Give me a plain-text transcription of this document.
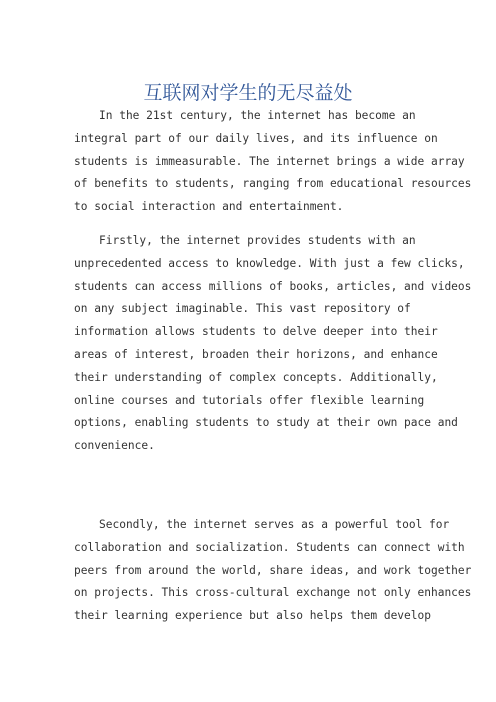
互联网对学生的无尽益处
In the 21st century, the internet has become an
integral part of our daily lives, and its influence on
students is immeasurable. The internet brings a wide array
of benefits to students, ranging from educational resources
to social interaction and entertainment.
Firstly, the internet provides students with an
unprecedented access to knowledge. With just a few clicks,
students can access millions of books, articles, and videos
on any subject imaginable. This vast repository of
information allows students to delve deeper into their
areas of interest, broaden their horizons, and enhance
their understanding of complex concepts. Additionally,
online courses and tutorials offer flexible learning
options, enabling students to study at their own pace and
convenience.
Secondly, the internet serves as a powerful tool for
collaboration and socialization. Students can connect with
peers from around the world, share ideas, and work together
on projects. This cross-cultural exchange not only enhances
their learning experience but also helps them develop
